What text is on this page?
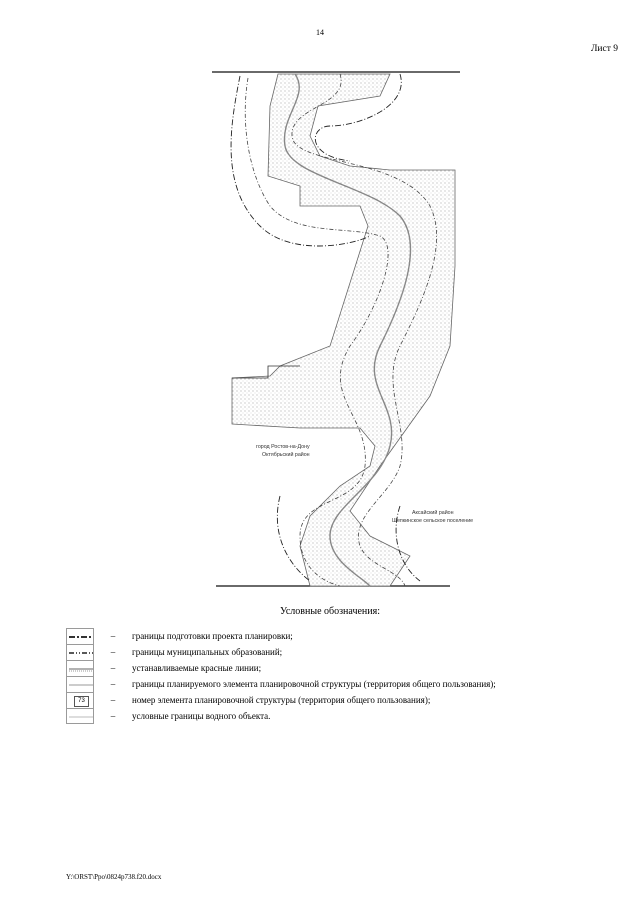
14
Лист 9
город Ростов-на-Дону
Октябрьский район
Аксайский район
Щепкинское сельское поселение
Условные обозначения:
–	границы подготовки проекта планировки;
–	границы муниципальных образований;
–	устанавливаемые красные линии;
–	границы планируемого элемента планировочной структуры (территория общего пользования);
73	–	номер элемента планировочной структуры (территория общего пользования);
–	условные границы водного объекта.
Y:\ORST\Ppo\0824p738.f20.docx
